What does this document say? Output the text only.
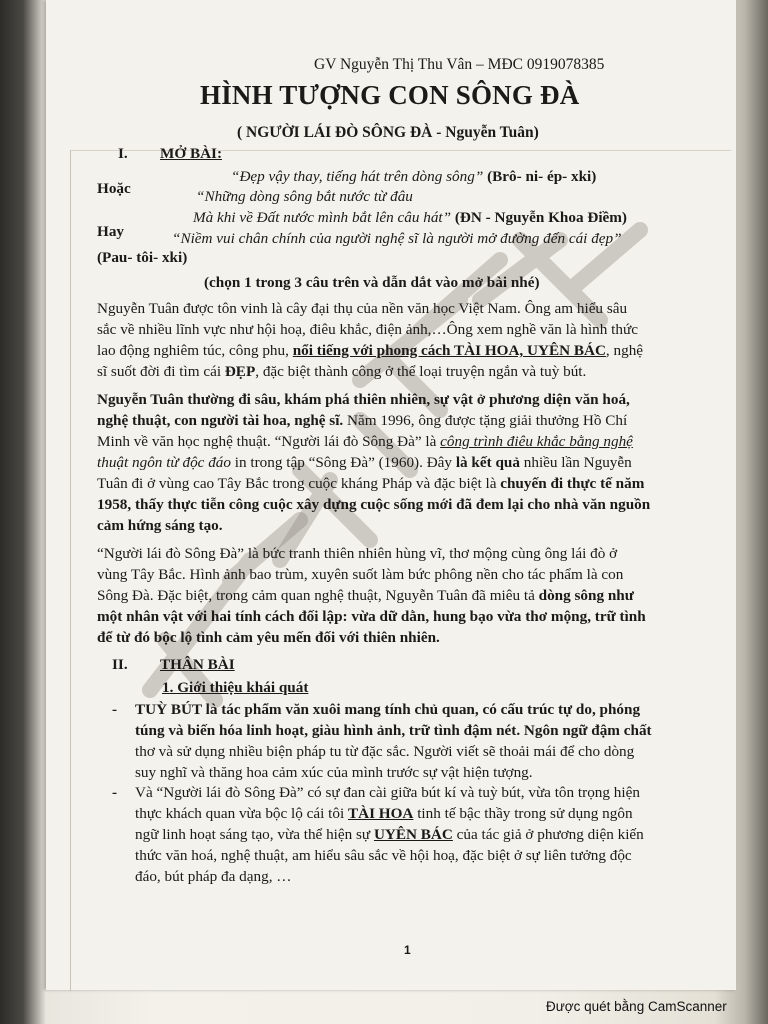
GV Nguyễn Thị Thu Vân – MĐC 0919078385
HÌNH TƯỢNG CON SÔNG ĐÀ
( NGƯỜI LÁI ĐÒ SÔNG ĐÀ - Nguyễn Tuân)
I. MỞ BÀI:
“Đẹp vậy thay, tiếng hát trên dòng sông” (Brô- ni- ép- xki)
Hoặc	“Những dòng sông bắt nước từ đâu
Mà khi về Đất nước mình bắt lên câu hát” (ĐN - Nguyễn Khoa Điềm)
Hay	“Niềm vui chân chính của người nghệ sĩ là người mở đường đến cái đẹp”
(Pau- tôi- xki)
(chọn 1 trong 3 câu trên và dẫn dắt vào mở bài nhé)
Nguyễn Tuân được tôn vinh là cây đại thụ của nền văn học Việt Nam. Ông am hiểu sâu
sắc về nhiều lĩnh vực như hội hoạ, điêu khắc, điện ảnh,…Ông xem nghề văn là hình thức
lao động nghiêm túc, công phu, nổi tiếng với phong cách TÀI HOA, UYÊN BÁC, nghệ
sĩ suốt đời đi tìm cái ĐẸP, đặc biệt thành công ở thể loại truyện ngắn và tuỳ bút.
Nguyễn Tuân thường đi sâu, khám phá thiên nhiên, sự vật ở phương diện văn hoá,
nghệ thuật, con người tài hoa, nghệ sĩ. Năm 1996, ông được tặng giải thưởng Hồ Chí
Minh về văn học nghệ thuật. “Người lái đò Sông Đà” là công trình điêu khắc bằng nghệ
thuật ngôn từ độc đáo in trong tập “Sông Đà” (1960). Đây là kết quả nhiều lần Nguyễn
Tuân đi ở vùng cao Tây Bắc trong cuộc kháng Pháp và đặc biệt là chuyến đi thực tế năm
1958, thấy thực tiễn công cuộc xây dựng cuộc sống mới đã đem lại cho nhà văn nguồn
cảm hứng sáng tạo.
“Người lái đò Sông Đà” là bức tranh thiên nhiên hùng vĩ, thơ mộng cùng ông lái đò ở
vùng Tây Bắc. Hình ảnh bao trùm, xuyên suốt làm bức phông nền cho tác phẩm là con
Sông Đà. Đặc biệt, trong cảm quan nghệ thuật, Nguyễn Tuân đã miêu tả dòng sông như
một nhân vật với hai tính cách đối lập: vừa dữ dằn, hung bạo vừa thơ mộng, trữ tình
để từ đó bộc lộ tình cảm yêu mến đối với thiên nhiên.
II. THÂN BÀI
1. Giới thiệu khái quát
- TUỲ BÚT là tác phẩm văn xuôi mang tính chủ quan, có cấu trúc tự do, phóng
túng và biến hóa linh hoạt, giàu hình ảnh, trữ tình đậm nét. Ngôn ngữ đậm chất
thơ và sử dụng nhiều biện pháp tu từ đặc sắc. Người viết sẽ thoải mái để cho dòng
suy nghĩ và thăng hoa cảm xúc của mình trước sự vật hiện tượng.
- Và “Người lái đò Sông Đà” có sự đan cài giữa bút kí và tuỳ bút, vừa tôn trọng hiện
thực khách quan vừa bộc lộ cái tôi TÀI HOA tinh tế bậc thầy trong sử dụng ngôn
ngữ linh hoạt sáng tạo, vừa thể hiện sự UYÊN BÁC của tác giả ở phương diện kiến
thức văn hoá, nghệ thuật, am hiểu sâu sắc về hội hoạ, đặc biệt ở sự liên tưởng độc
đáo, bút pháp đa dạng, …
1
Được quét bằng CamScanner
